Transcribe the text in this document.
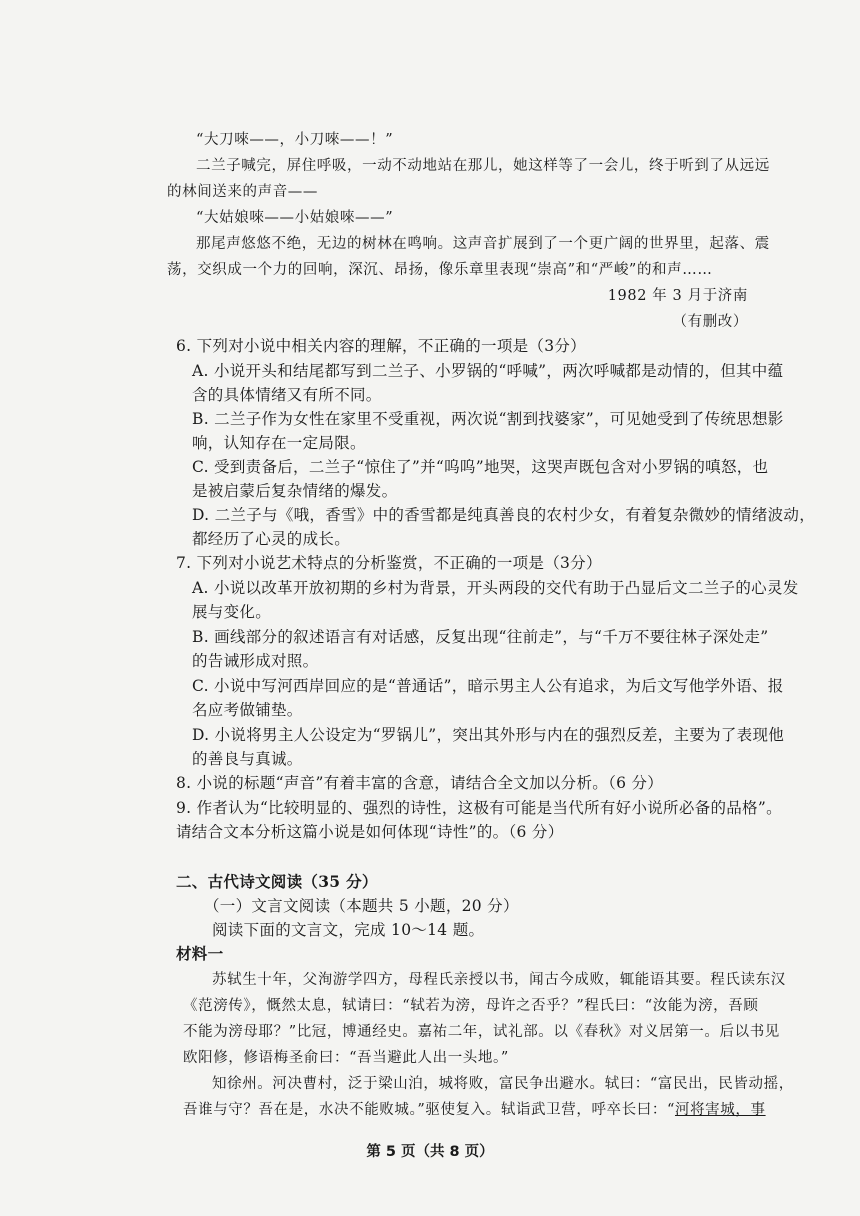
“大刀唻——，小刀唻——！”

二兰子喊完，屏住呼吸，一动不动地站在那儿，她这样等了一会儿，终于听到了从远远

的林间送来的声音——

“大姑娘唻——小姑娘唻——”

那尾声悠悠不绝，无边的树林在鸣响。这声音扩展到了一个更广阔的世界里，起落、震

荡，交织成一个力的回响，深沉、昂扬，像乐章里表现“崇高”和“严峻”的和声……

1982 年 3 月于济南

（有删改）

6. 下列对小说中相关内容的理解，不正确的一项是（3分）

A. 小说开头和结尾都写到二兰子、小罗锅的“呼喊”，两次呼喊都是动情的，但其中蕴

含的具体情绪又有所不同。

B. 二兰子作为女性在家里不受重视，两次说“割到找婆家”，可见她受到了传统思想影

响，认知存在一定局限。

C. 受到责备后，二兰子“惊住了”并“呜呜”地哭，这哭声既包含对小罗锅的嗔怒，也

是被启蒙后复杂情绪的爆发。

D. 二兰子与《哦，香雪》中的香雪都是纯真善良的农村少女，有着复杂微妙的情绪波动，

都经历了心灵的成长。

7. 下列对小说艺术特点的分析鉴赏，不正确的一项是（3分）

A. 小说以改革开放初期的乡村为背景，开头两段的交代有助于凸显后文二兰子的心灵发

展与变化。

B. 画线部分的叙述语言有对话感，反复出现“往前走”，与“千万不要往林子深处走”

的告诫形成对照。

C. 小说中写河西岸回应的是“普通话”，暗示男主人公有追求，为后文写他学外语、报

名应考做铺垫。

D. 小说将男主人公设定为“罗锅儿”，突出其外形与内在的强烈反差，主要为了表现他

的善良与真诚。

8. 小说的标题“声音”有着丰富的含意，请结合全文加以分析。（6 分）

9. 作者认为“比较明显的、强烈的诗性，这极有可能是当代所有好小说所必备的品格”。

请结合文本分析这篇小说是如何体现“诗性”的。（6 分）

二、古代诗文阅读（35 分）

（一）文言文阅读（本题共 5 小题，20 分）

阅读下面的文言文，完成 10～14 题。

材料一

苏轼生十年，父洵游学四方，母程氏亲授以书，闻古今成败，辄能语其要。程氏读东汉

《范滂传》，慨然太息，轼请曰：“轼若为滂，母许之否乎？”程氏曰：“汝能为滂，吾顾

不能为滂母耶？”比冠，博通经史。嘉祐二年，试礼部。以《春秋》对义居第一。后以书见

欧阳修，修语梅圣俞曰：“吾当避此人出一头地。”

知徐州。河决曹村，泛于梁山泊，城将败，富民争出避水。轼曰：“富民出，民皆动摇，

吾谁与守？吾在是，水决不能败城。”驱使复入。轼诣武卫营，呼卒长曰：“河将害城，事

第 5 页（共 8 页）
